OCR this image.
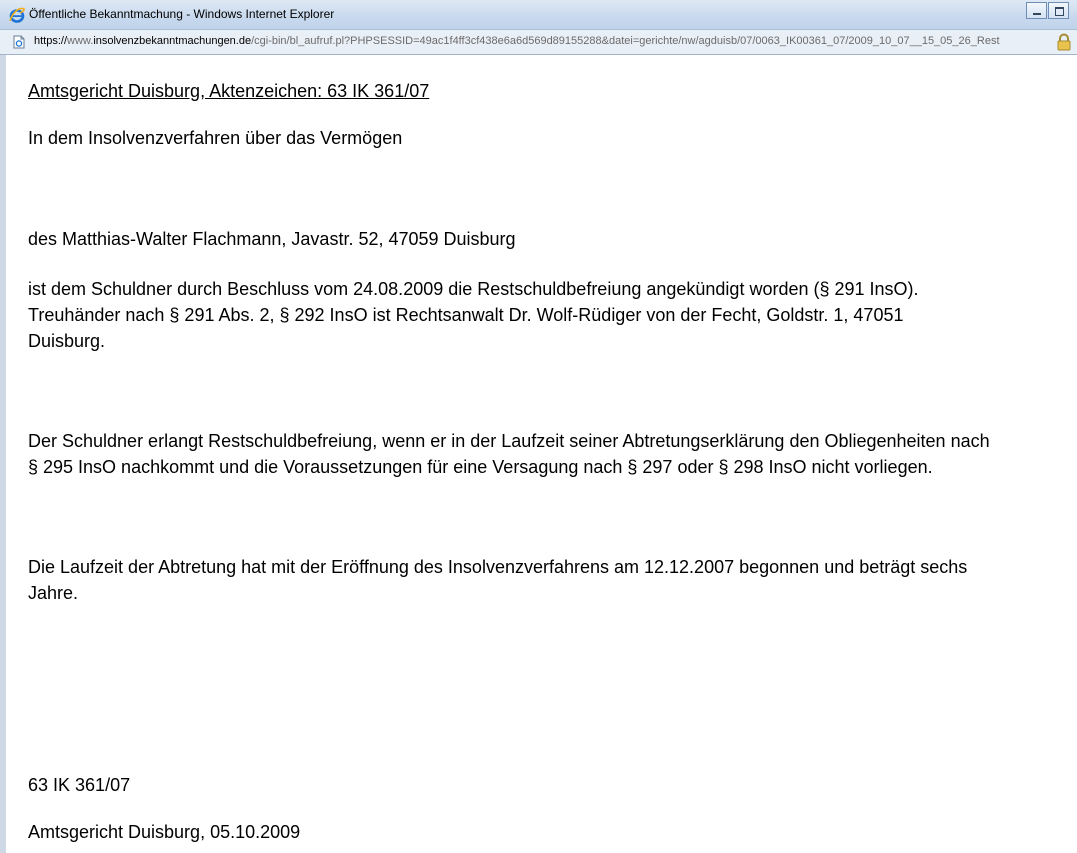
Öffentliche Bekanntmachung - Windows Internet Explorer
https://www.insolvenzbekanntmachungen.de/cgi-bin/bl_aufruf.pl?PHPSESSID=49ac1f4ff3cf438e6a6d569d89155288&datei=gerichte/nw/agduisb/07/0063_IK00361_07/2009_10_07__15_05_26_Rest

Amtsgericht Duisburg, Aktenzeichen: 63 IK 361/07

In dem Insolvenzverfahren über das Vermögen

des Matthias-Walter Flachmann, Javastr. 52, 47059 Duisburg

ist dem Schuldner durch Beschluss vom 24.08.2009 die Restschuldbefreiung angekündigt worden (§ 291 InsO).

Treuhänder nach § 291 Abs. 2, § 292 InsO ist Rechtsanwalt Dr. Wolf-Rüdiger von der Fecht, Goldstr. 1, 47051

Duisburg.

Der Schuldner erlangt Restschuldbefreiung, wenn er in der Laufzeit seiner Abtretungserklärung den Obliegenheiten nach

§ 295 InsO nachkommt und die Voraussetzungen für eine Versagung nach § 297 oder § 298 InsO nicht vorliegen.

Die Laufzeit der Abtretung hat mit der Eröffnung des Insolvenzverfahrens am 12.12.2007 begonnen und beträgt sechs

Jahre.

63 IK 361/07

Amtsgericht Duisburg, 05.10.2009
